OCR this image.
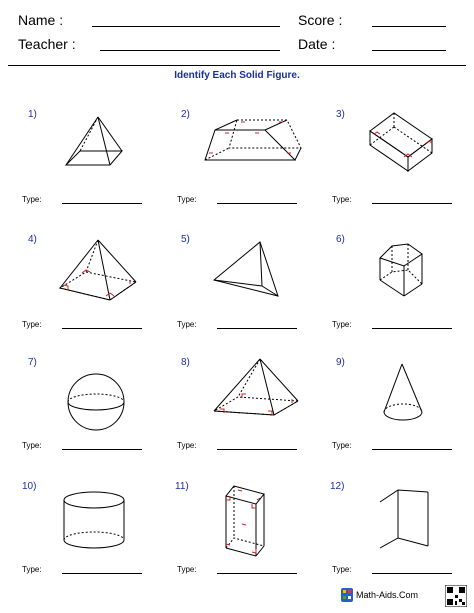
Name :	Score :
Teacher :	Date :
Identify Each Solid Figure.
1)	2)	3)
Type:	Type:	Type:
4)	5)	6)
Type:	Type:	Type:
7)	8)	9)
Type:	Type:	Type:
10)	11)	12)
Type:	Type:	Type:
Math-Aids.Com
